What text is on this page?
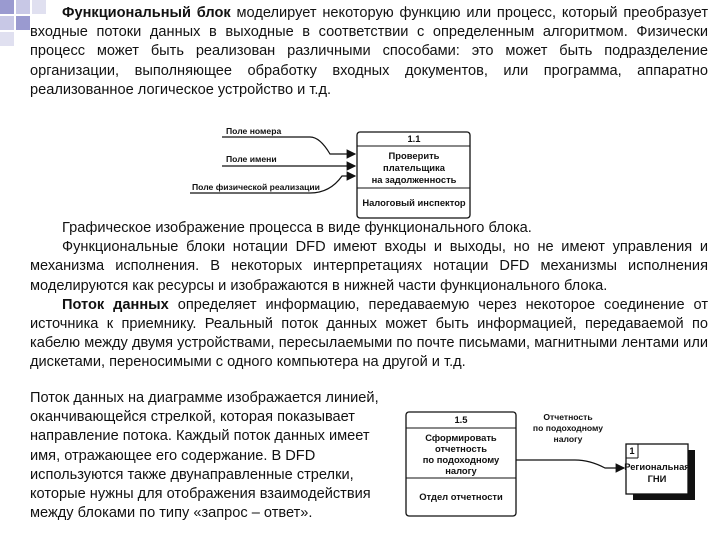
Функциональный блок моделирует некоторую функцию или процесс, который преобразует входные потоки данных в выходные в соответствии с определенным алгоритмом. Физически процесс может быть реализован различными способами: это может быть подразделение организации, выполняющее обработку входных документов, или программа, аппаратно реализованное логическое устройство и т.д.
Поле номера
Поле имени
Поле физической реализации
1.1
Проверить
плательщика
на задолженность
Налоговый инспектор
Графическое изображение процесса в виде функционального блока.
Функциональные блоки нотации DFD имеют входы и выходы, но не имеют управления и механизма исполнения. В некоторых интерпретациях нотации DFD механизмы исполнения моделируются как ресурсы и изображаются в нижней части функционального блока.
Поток данных определяет информацию, передаваемую через некоторое соединение от источника к приемнику. Реальный поток данных может быть информацией, передаваемой по кабелю между двумя устройствами, пересылаемыми по почте письмами, магнитными лентами или дискетами, переносимыми с одного компьютера на другой и т.д.
Поток данных на диаграмме изображается линией, оканчивающейся стрелкой, которая показывает направление потока. Каждый поток данных имеет имя, отражающее его содержание. В DFD используются также двунаправленные стрелки, которые нужны для отображения взаимодействия между блоками по типу «запрос – ответ».
1.5
Сформировать
отчетность
по подоходному
налогу
Отдел отчетности
Отчетность
по подоходному
налогу
1
Региональная
ГНИ
